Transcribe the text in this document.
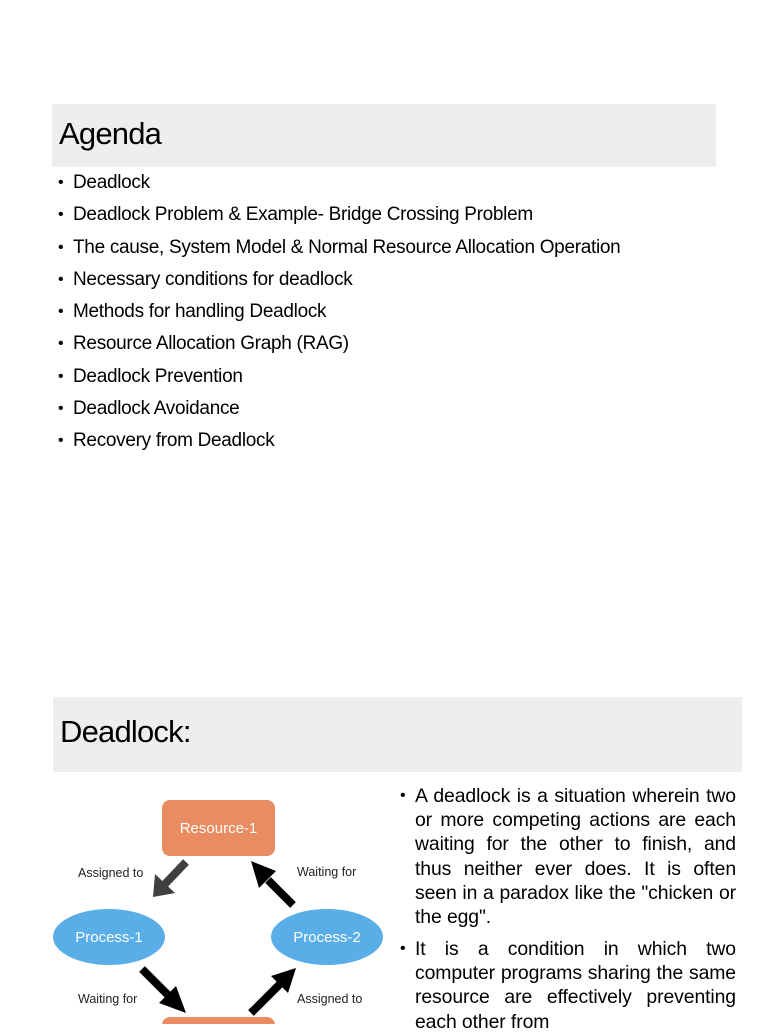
Agenda
• Deadlock
• Deadlock Problem & Example- Bridge Crossing Problem
• The cause, System Model & Normal Resource Allocation Operation
• Necessary conditions for deadlock
• Methods for handling Deadlock
• Resource Allocation Graph (RAG)
• Deadlock Prevention
• Deadlock Avoidance
• Recovery from Deadlock
Deadlock:
Resource-1
Process-1	Process-2
Assigned to	Waiting for
Waiting for	Assigned to
• A deadlock is a situation wherein two or more competing actions are each waiting for the other to finish, and thus neither ever does. It is often seen in a paradox like the "chicken or the egg".
• It is a condition in which two computer programs sharing the same resource are effectively preventing each other from
